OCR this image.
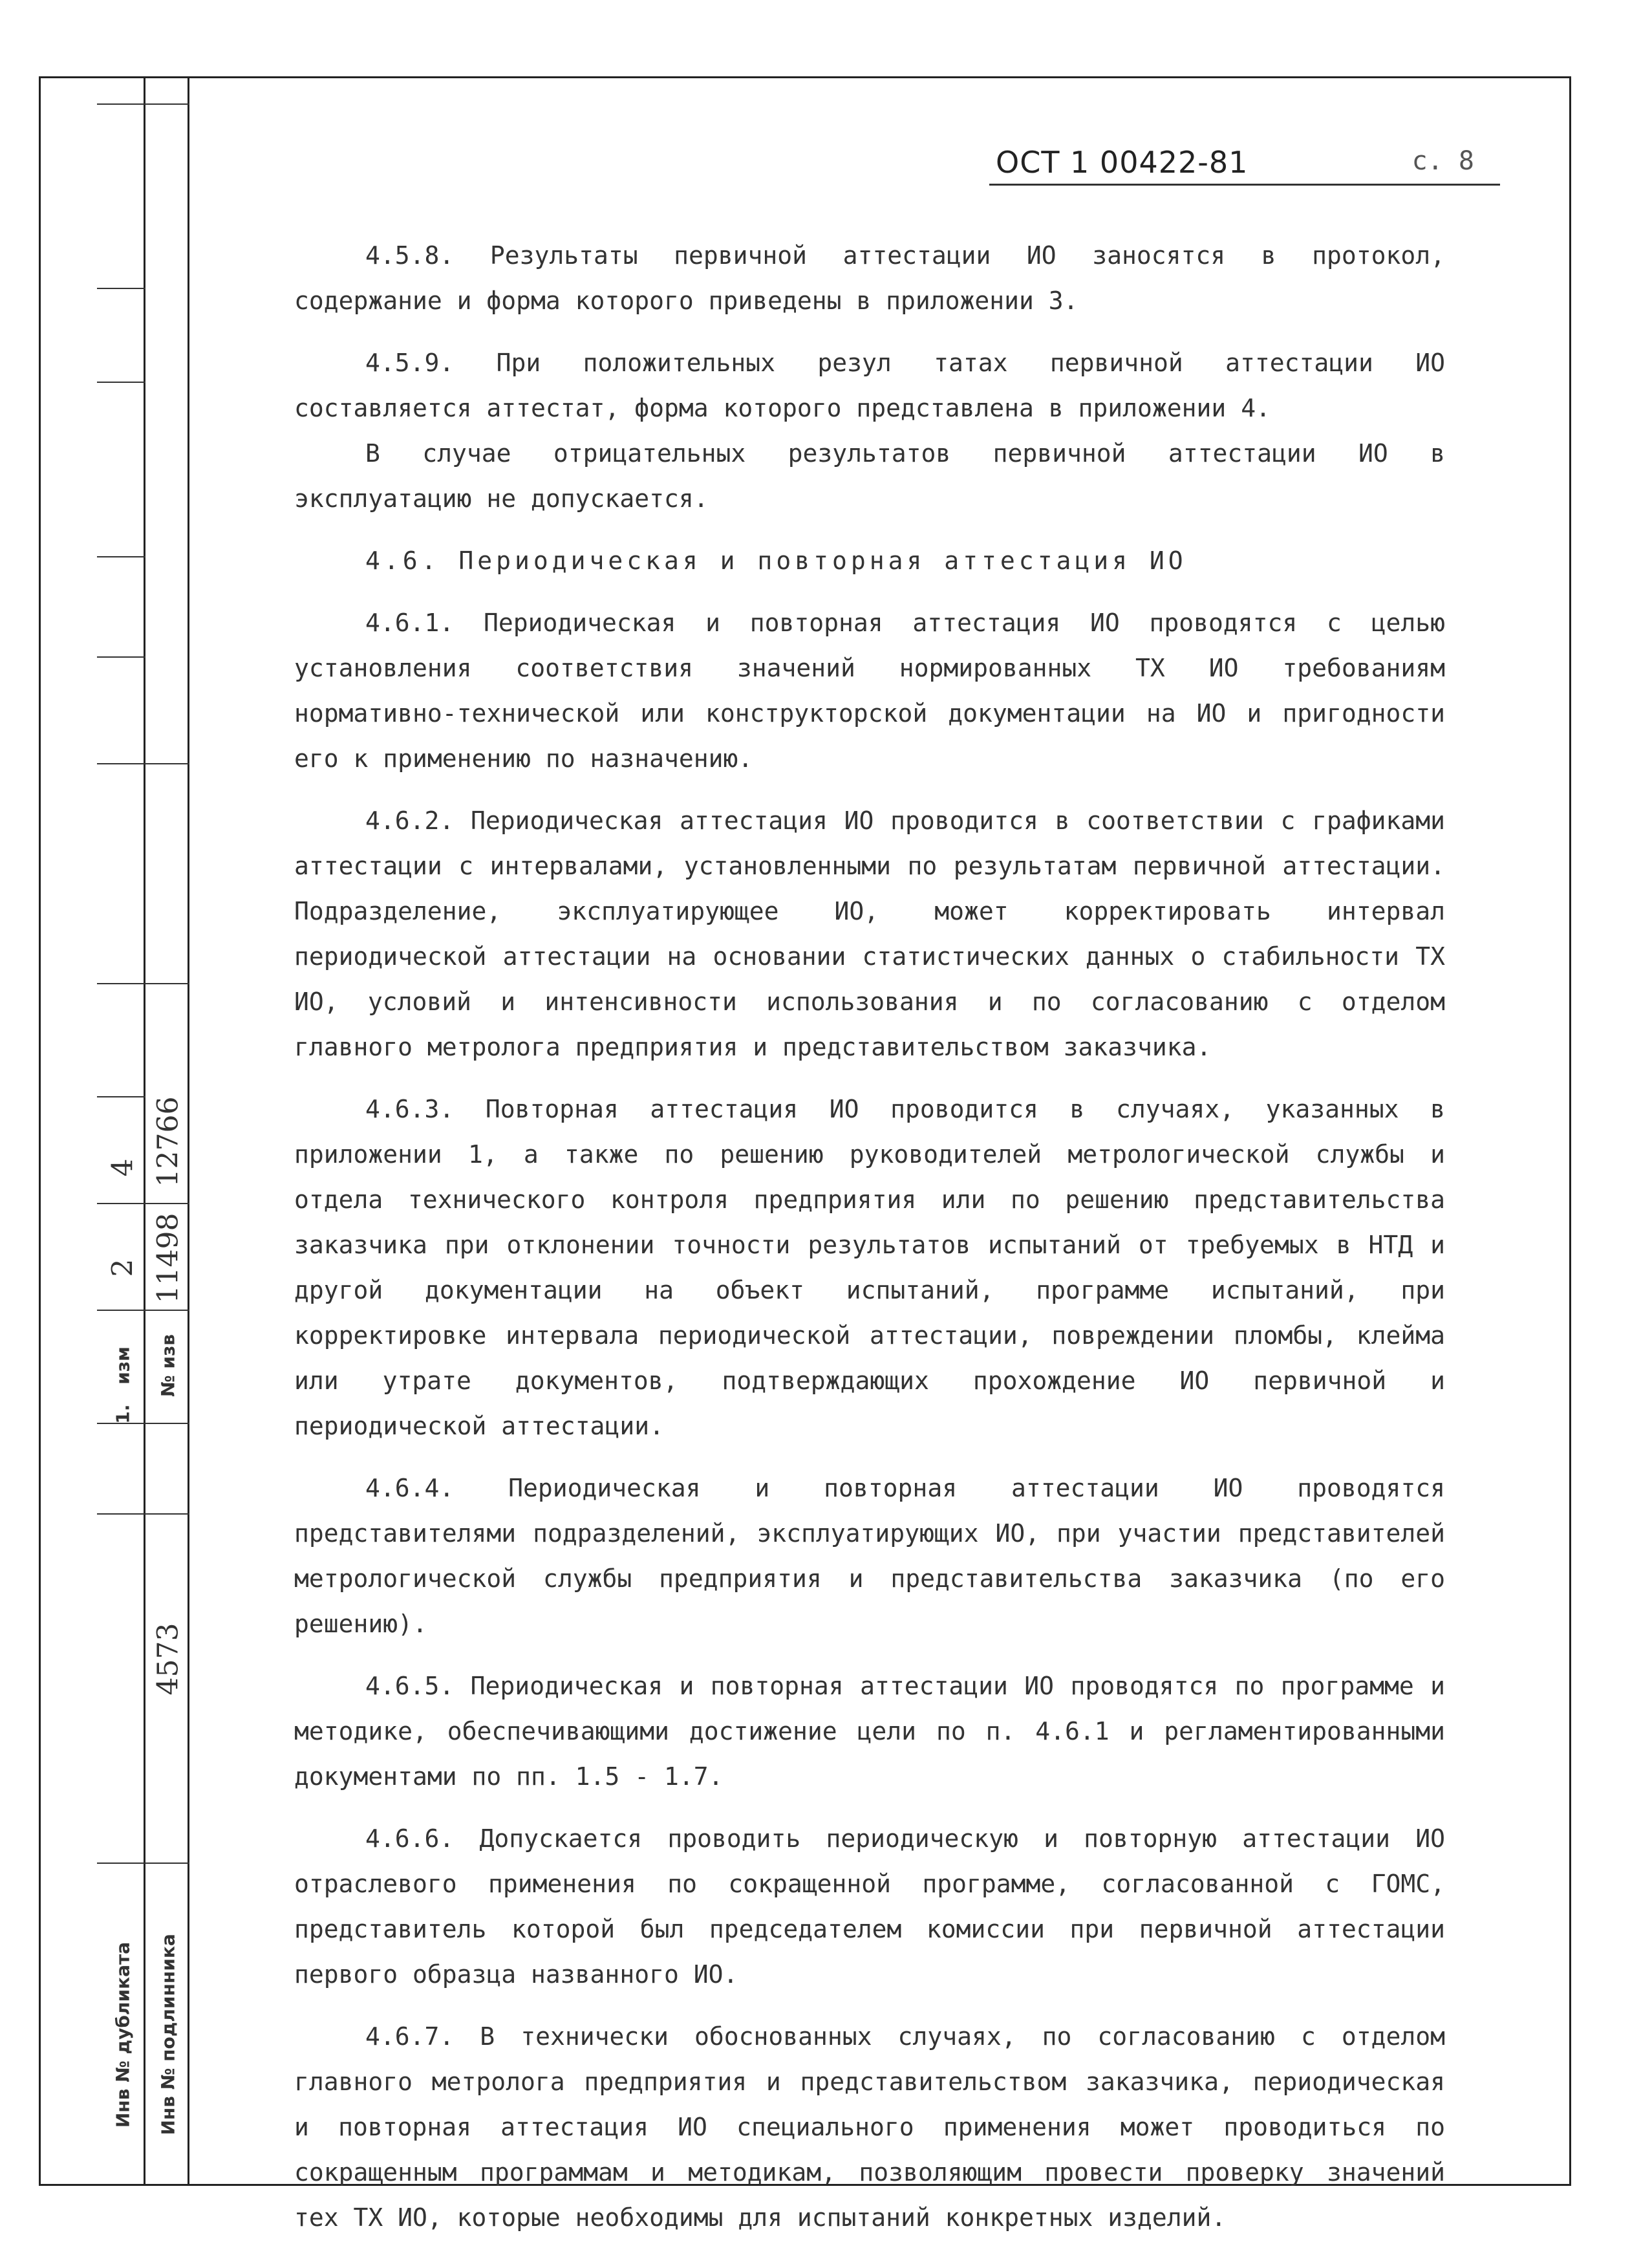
4
2
изм
1.
12766
11498
№ изв
4573
Инв № дубликата Инв № подлинника
ОСТ 1 00422-81	с. 8

4.5.8. Результаты первичной аттестации ИО заносятся в протокол, содержание и форма которого приведены в приложении 3.

4.5.9. При положительных резул татах первичной аттестации ИО составляется аттестат, форма которого представлена в приложении 4.

В случае отрицательных результатов первичной аттестации ИО в эксплуатацию не допускается.

4.6. Периодическая и повторная аттестация ИО

4.6.1. Периодическая и повторная аттестация ИО проводятся с целью установления соответствия значений нормированных ТХ ИО требованиям нормативно-технической или конструкторской документации на ИО и пригодности его к применению по назначению.

4.6.2. Периодическая аттестация ИО проводится в соответствии с графиками аттестации с интервалами, установленными по результатам первичной аттестации. Подразделение, эксплуатирующее ИО, может корректировать интервал периодической аттестации на основании статистических данных о стабильности ТХ ИО, условий и интенсивности использования и по согласованию с отделом главного метролога предприятия и представительством заказчика.

4.6.3. Повторная аттестация ИО проводится в случаях, указанных в приложении 1, а также по решению руководителей метрологической службы и отдела технического контроля предприятия или по решению представительства заказчика при отклонении точности результатов испытаний от требуемых в НТД и другой документации на объект испытаний, программе испытаний, при корректировке интервала периодической аттестации, повреждении пломбы, клейма или утрате документов, подтверждающих прохождение ИО первичной и периодической аттестации.

4.6.4. Периодическая и повторная аттестации ИО проводятся представителями подразделений, эксплуатирующих ИО, при участии представителей метрологической службы предприятия и представительства заказчика (по его решению).

4.6.5. Периодическая и повторная аттестации ИО проводятся по программе и методике, обеспечивающими достижение цели по п. 4.6.1 и регламентированными документами по пп. 1.5 - 1.7.

4.6.6. Допускается проводить периодическую и повторную аттестации ИО отраслевого применения по сокращенной программе, согласованной с ГОМС, представитель которой был председателем комиссии при первичной аттестации первого образца названного ИО.

4.6.7. В технически обоснованных случаях, по согласованию с отделом главного метролога предприятия и представительством заказчика, периодическая и повторная аттестация ИО специального применения может проводиться по сокращенным программам и методикам, позволяющим провести проверку значений тех ТХ ИО, которые необходимы для испытаний конкретных изделий.
